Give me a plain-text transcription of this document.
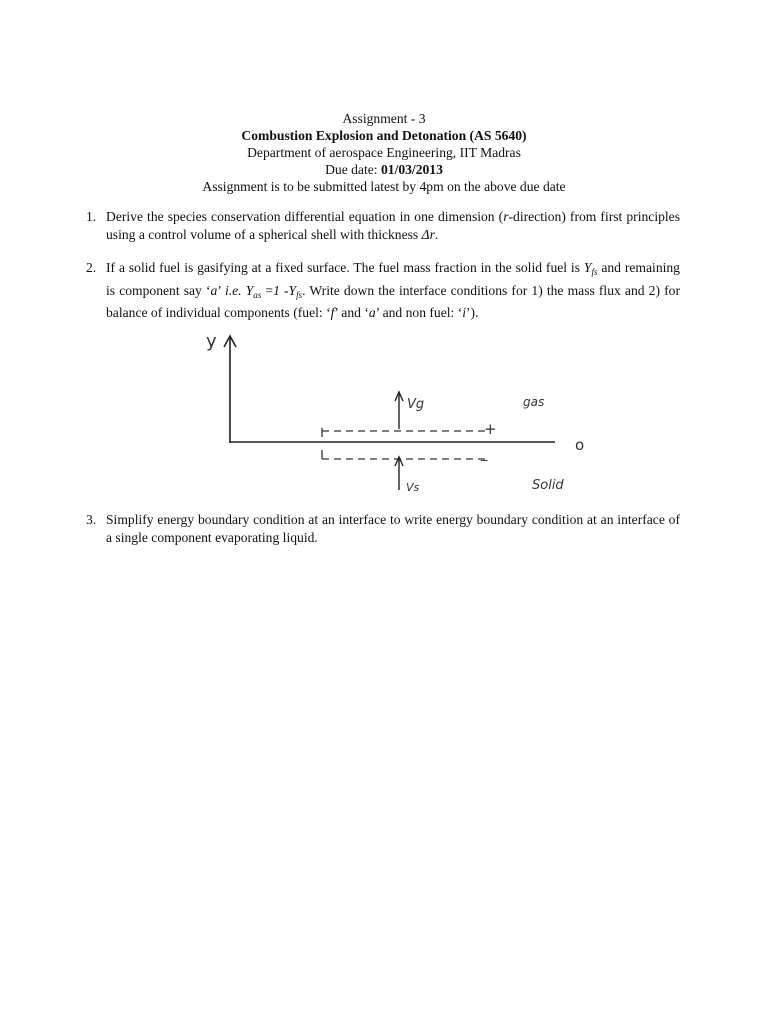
Assignment - 3
Combustion Explosion and Detonation (AS 5640)
Department of aerospace Engineering, IIT Madras
Due date: 01/03/2013
Assignment is to be submitted latest by 4pm on the above due date
1. Derive the species conservation differential equation in one dimension (r-direction) from first principles using a control volume of a spherical shell with thickness Δr.
2. If a solid fuel is gasifying at a fixed surface. The fuel mass fraction in the solid fuel is $Y_{fs}$ and remaining is component say ‘a’ i.e. $Y_{as} =1$ $-Y_{fs}$. Write down the interface conditions for 1) the mass flux and 2) for balance of individual components (fuel: ‘f’ and ‘a’ and non fuel: ‘i’).
y
o
+
_
Vg	gas
Vs	Solid
3. Simplify energy boundary condition at an interface to write energy boundary condition at an interface of a single component evaporating liquid.
